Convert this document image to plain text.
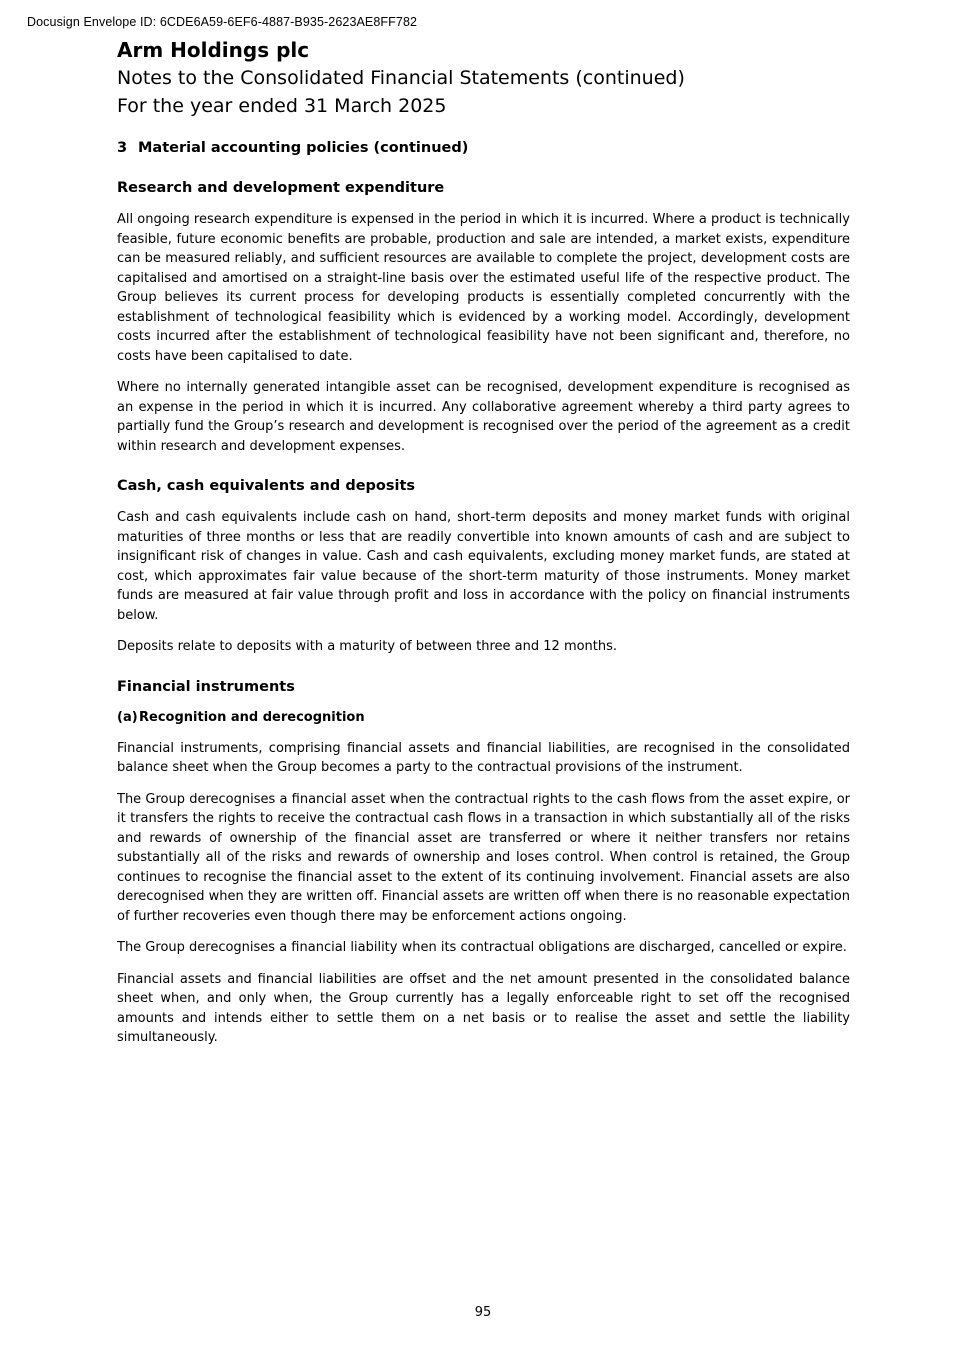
Docusign Envelope ID: 6CDE6A59-6EF6-4887-B935-2623AE8FF782
Arm Holdings plc
Notes to the Consolidated Financial Statements (continued)
For the year ended 31 March 2025
3 Material accounting policies (continued)
Research and development expenditure

All ongoing research expenditure is expensed in the period in which it is incurred. Where a product is technically feasible, future economic benefits are probable, production and sale are intended, a market exists, expenditure can be measured reliably, and sufficient resources are available to complete the project, development costs are capitalised and amortised on a straight-line basis over the estimated useful life of the respective product. The Group believes its current process for developing products is essentially completed concurrently with the establishment of technological feasibility which is evidenced by a working model. Accordingly, development costs incurred after the establishment of technological feasibility have not been significant and, therefore, no costs have been capitalised to date.

Where no internally generated intangible asset can be recognised, development expenditure is recognised as an expense in the period in which it is incurred. Any collaborative agreement whereby a third party agrees to partially fund the Group’s research and development is recognised over the period of the agreement as a credit within research and development expenses.

Cash, cash equivalents and deposits

Cash and cash equivalents include cash on hand, short-term deposits and money market funds with original maturities of three months or less that are readily convertible into known amounts of cash and are subject to insignificant risk of changes in value. Cash and cash equivalents, excluding money market funds, are stated at cost, which approximates fair value because of the short-term maturity of those instruments. Money market funds are measured at fair value through profit and loss in accordance with the policy on financial instruments below.

Deposits relate to deposits with a maturity of between three and 12 months.

Financial instruments
(a)Recognition and derecognition

Financial instruments, comprising financial assets and financial liabilities, are recognised in the consolidated balance sheet when the Group becomes a party to the contractual provisions of the instrument.

The Group derecognises a financial asset when the contractual rights to the cash flows from the asset expire, or it transfers the rights to receive the contractual cash flows in a transaction in which substantially all of the risks and rewards of ownership of the financial asset are transferred or where it neither transfers nor retains substantially all of the risks and rewards of ownership and loses control. When control is retained, the Group continues to recognise the financial asset to the extent of its continuing involvement. Financial assets are also derecognised when they are written off. Financial assets are written off when there is no reasonable expectation of further recoveries even though there may be enforcement actions ongoing.

The Group derecognises a financial liability when its contractual obligations are discharged, cancelled or expire.

Financial assets and financial liabilities are offset and the net amount presented in the consolidated balance sheet when, and only when, the Group currently has a legally enforceable right to set off the recognised amounts and intends either to settle them on a net basis or to realise the asset and settle the liability simultaneously.

95
